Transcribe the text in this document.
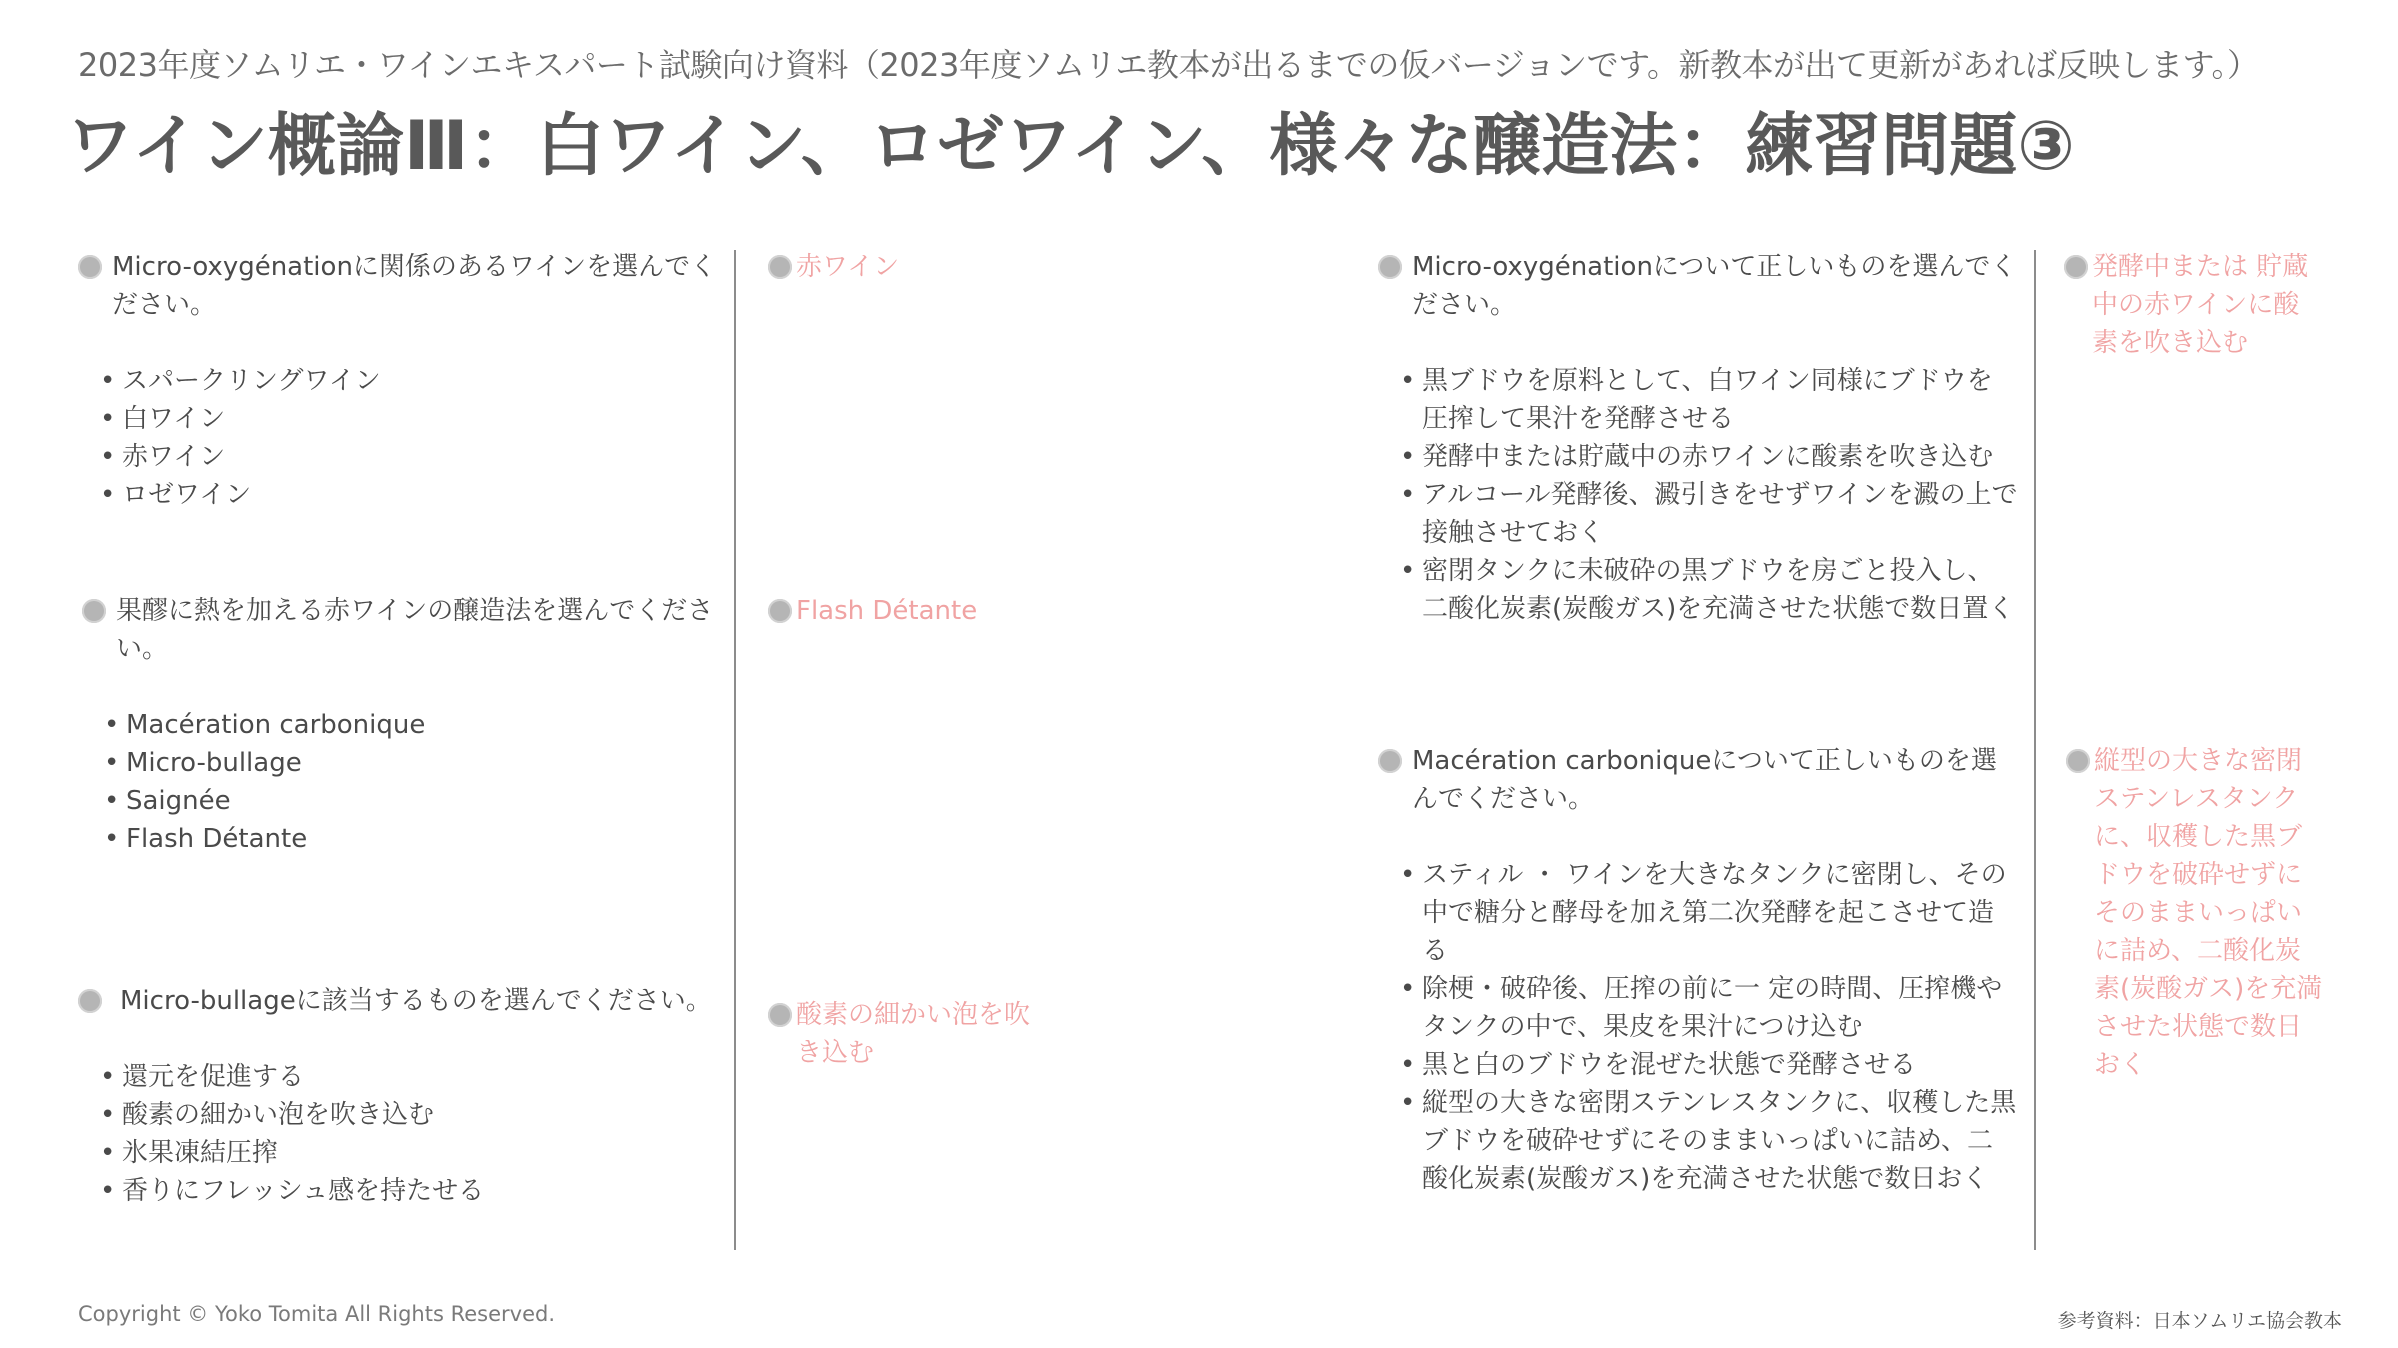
2023年度ソムリエ・ワインエキスパート試験向け資料（2023年度ソムリエ教本が出るまでの仮バージョンです。新教本が出て更新があれば反映します。）
ワイン概論Ⅲ：白ワイン、ロゼワイン、様々な醸造法：練習問題③
Micro-oxygénationに関係のあるワインを選んでください。
• スパークリングワイン
• 白ワイン
• 赤ワイン
• ロゼワイン
赤ワイン
果醪に熱を加える赤ワインの醸造法を選んでください。
• Macération carbonique
• Micro-bullage
• Saignée
• Flash Détante
Flash Détante
Micro-bullageに該当するものを選んでください。
• 還元を促進する
• 酸素の細かい泡を吹き込む
• 氷果凍結圧搾
• 香りにフレッシュ感を持たせる
酸素の細かい泡を吹き込む
Micro-oxygénationについて正しいものを選んでください。
• 黒ブドウを原料として、白ワイン同様にブドウを圧搾して果汁を発酵させる
• 発酵中または貯蔵中の赤ワインに酸素を吹き込む
• アルコール発酵後、澱引きをせずワインを澱の上で接触させておく
• 密閉タンクに未破砕の黒ブドウを房ごと投入し、二酸化炭素(炭酸ガス)を充満させた状態で数日置く
発酵中または 貯蔵中の赤ワインに酸素を吹き込む
Macération carboniqueについて正しいものを選んでください。
• スティル ・ ワインを大きなタンクに密閉し、その中で糖分と酵母を加え第二次発酵を起こさせて造る
• 除梗・破砕後、圧搾の前に一 定の時間、圧搾機やタンクの中で、果皮を果汁につけ込む
• 黒と白のブドウを混ぜた状態で発酵させる
• 縦型の大きな密閉ステンレスタンクに、収穫した黒ブドウを破砕せずにそのままいっぱいに詰め、二酸化炭素(炭酸ガス)を充満させた状態で数日おく
縦型の大きな密閉ステンレスタンクに、収穫した黒ブドウを破砕せずにそのままいっぱいに詰め、二酸化炭素(炭酸ガス)を充満させた状態で数日おく
Copyright © Yoko Tomita All Rights Reserved.	参考資料：日本ソムリエ協会教本
